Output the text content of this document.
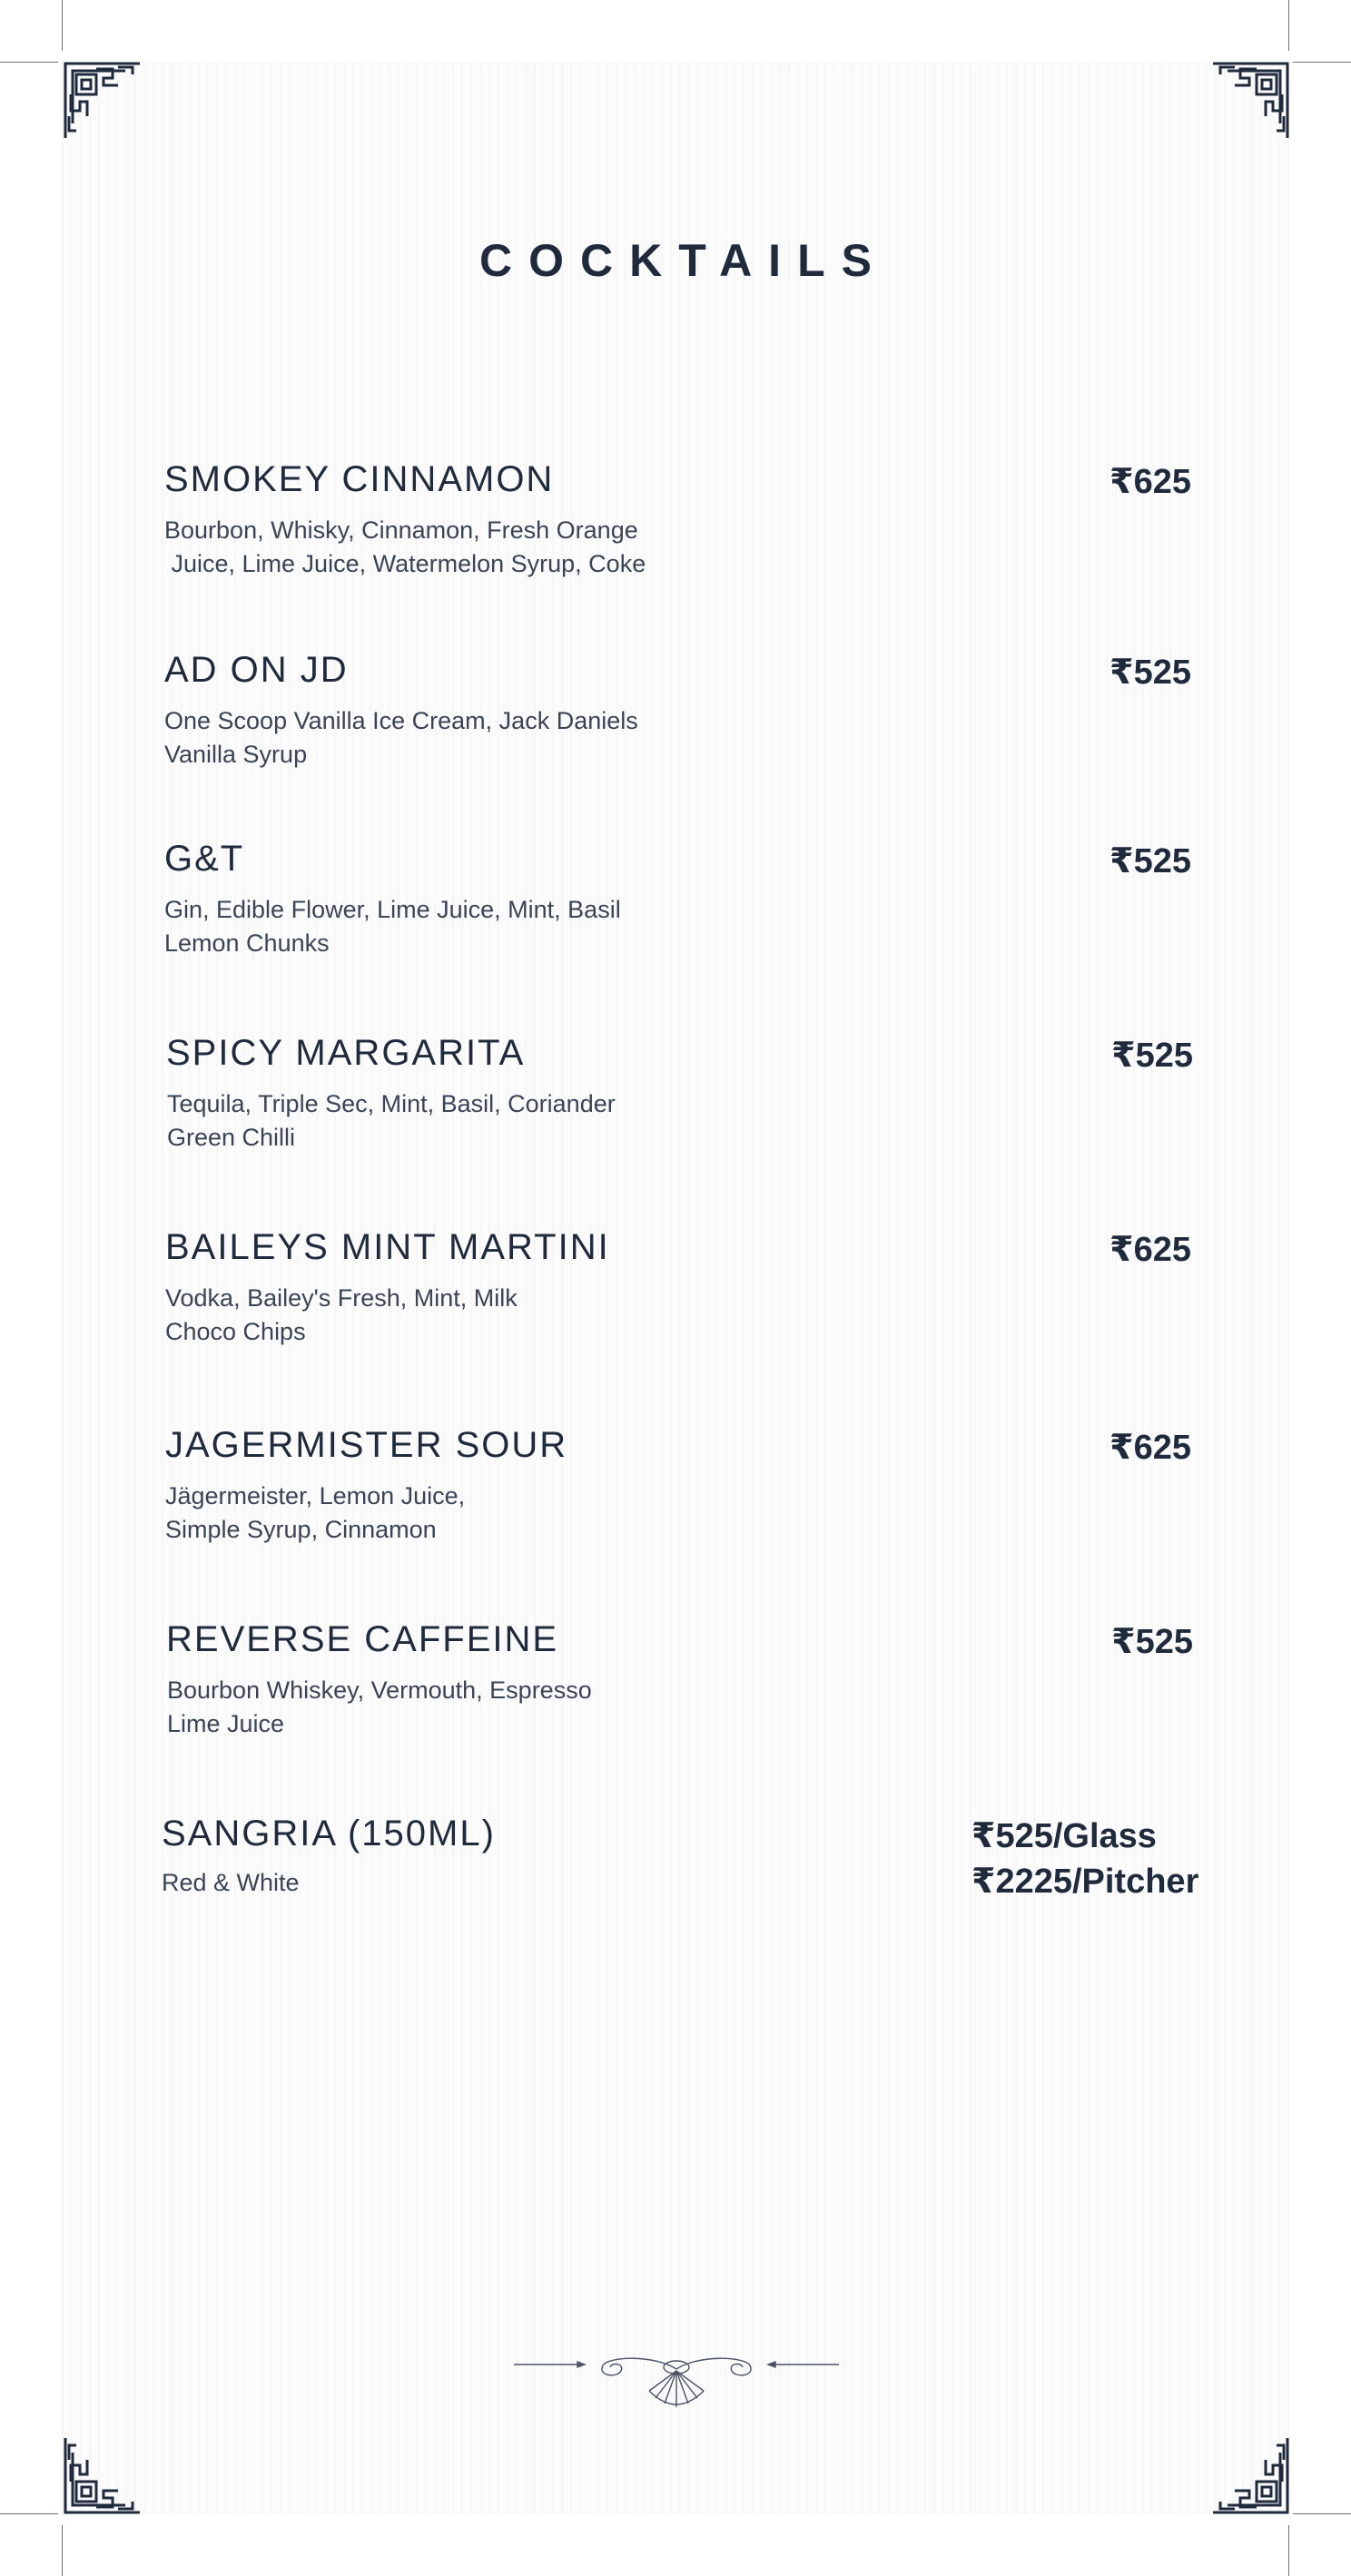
COCKTAILS
SMOKEY CINNAMON	₹625
Bourbon, Whisky, Cinnamon, Fresh Orange
Juice, Lime Juice, Watermelon Syrup, Coke
AD ON JD	₹525
One Scoop Vanilla Ice Cream, Jack Daniels
Vanilla Syrup
G&T	₹525
Gin, Edible Flower, Lime Juice, Mint, Basil
Lemon Chunks
SPICY MARGARITA	₹525
Tequila, Triple Sec, Mint, Basil, Coriander
Green Chilli
BAILEYS MINT MARTINI	₹625
Vodka, Bailey's Fresh, Mint, Milk
Choco Chips
JAGERMISTER SOUR	₹625
Jägermeister, Lemon Juice,
Simple Syrup, Cinnamon
REVERSE CAFFEINE	₹525
Bourbon Whiskey, Vermouth, Espresso
Lime Juice
SANGRIA (150ML)
Red & White
₹525/Glass
₹2225/Pitcher
